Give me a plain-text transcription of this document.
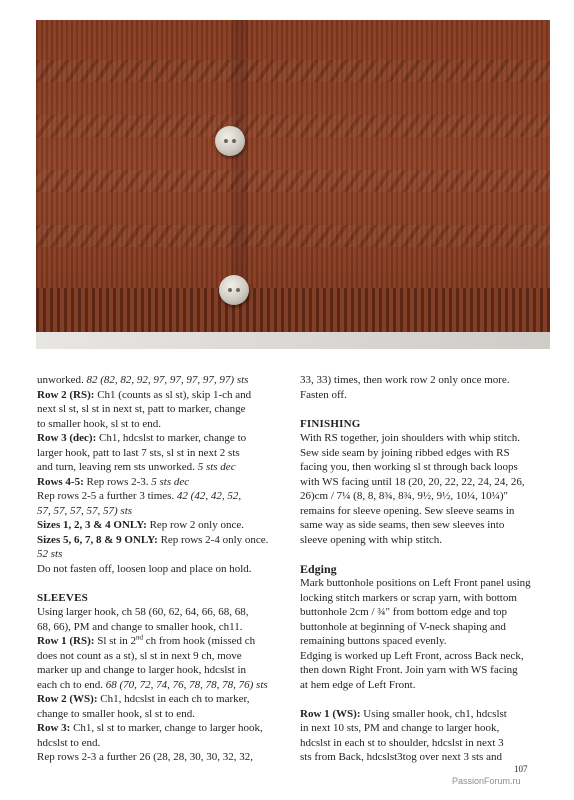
unworked. 82 (82, 82, 92, 97, 97, 97, 97, 97) sts

Row 2 (RS): Ch1 (counts as sl st), skip 1-ch and

next sl st, sl st in next st, patt to marker, change

to smaller hook, sl st to end.

Row 3 (dec): Ch1, hdcslst to marker, change to

larger hook, patt to last 7 sts, sl st in next 2 sts

and turn, leaving rem sts unworked. 5 sts dec

Rows 4-5: Rep rows 2-3. 5 sts dec

Rep rows 2-5 a further 3 times. 42 (42, 42, 52,

57, 57, 57, 57, 57) sts

Sizes 1, 2, 3 & 4 ONLY: Rep row 2 only once.

Sizes 5, 6, 7, 8 & 9 ONLY: Rep rows 2-4 only once.

52 sts

Do not fasten off, loosen loop and place on hold.

SLEEVES

Using larger hook, ch 58 (60, 62, 64, 66, 68, 68,

68, 66), PM and change to smaller hook, ch11.

Row 1 (RS): Sl st in 2nd ch from hook (missed ch

does not count as a st), sl st in next 9 ch, move

marker up and change to larger hook, hdcslst in

each ch to end. 68 (70, 72, 74, 76, 78, 78, 78, 76) sts

Row 2 (WS): Ch1, hdcslst in each ch to marker,

change to smaller hook, sl st to end.

Row 3: Ch1, sl st to marker, change to larger hook,

hdcslst to end.

Rep rows 2-3 a further 26 (28, 28, 30, 30, 32, 32,

33, 33) times, then work row 2 only once more.

Fasten off.

FINISHING

With RS together, join shoulders with whip stitch.

Sew side seam by joining ribbed edges with RS

facing you, then working sl st through back loops

with WS facing until 18 (20, 20, 22, 22, 24, 24, 26,

26)cm / 7¼ (8, 8, 8¾, 8¾, 9½, 9½, 10¼, 10¼)"

remains for sleeve opening. Sew sleeve seams in

same way as side seams, then sew sleeves into

sleeve opening with whip stitch.

Edging

Mark buttonhole positions on Left Front panel using

locking stitch markers or scrap yarn, with bottom

buttonhole 2cm / ¾" from bottom edge and top

buttonhole at beginning of V-neck shaping and

remaining buttons spaced evenly.

Edging is worked up Left Front, across Back neck,

then down Right Front. Join yarn with WS facing

at hem edge of Left Front.

Row 1 (WS): Using smaller hook, ch1, hdcslst

in next 10 sts, PM and change to larger hook,

hdcslst in each st to shoulder, hdcslst in next 3

sts from Back, hdcslst3tog over next 3 sts and

107
PassionForum.ru
